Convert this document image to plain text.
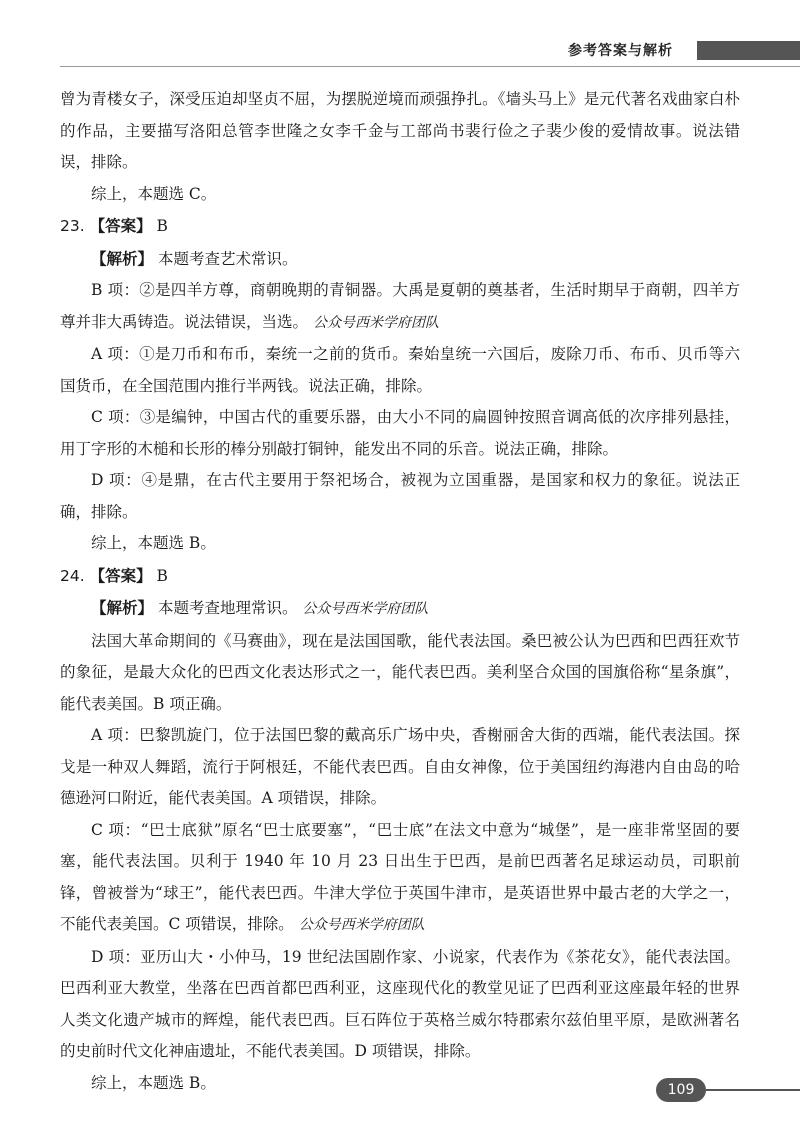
参考答案与解析

曾为青楼女子，深受压迫却坚贞不屈，为摆脱逆境而顽强挣扎。《墙头马上》是元代著名戏曲家白朴的作品，主要描写洛阳总管李世隆之女李千金与工部尚书裴行俭之子裴少俊的爱情故事。说法错误，排除。

综上，本题选 C。

23. 【答案】 B

【解析】 本题考查艺术常识。

B 项：②是四羊方尊，商朝晚期的青铜器。大禹是夏朝的奠基者，生活时期早于商朝，四羊方尊并非大禹铸造。说法错误，当选。 公众号西米学府团队

A 项：①是刀币和布币，秦统一之前的货币。秦始皇统一六国后，废除刀币、布币、贝币等六国货币，在全国范围内推行半两钱。说法正确，排除。

C 项：③是编钟，中国古代的重要乐器，由大小不同的扁圆钟按照音调高低的次序排列悬挂，用丁字形的木槌和长形的棒分别敲打铜钟，能发出不同的乐音。说法正确，排除。

D 项：④是鼎，在古代主要用于祭祀场合，被视为立国重器，是国家和权力的象征。说法正确，排除。

综上，本题选 B。

24. 【答案】 B

【解析】 本题考查地理常识。 公众号西米学府团队

法国大革命期间的《马赛曲》，现在是法国国歌，能代表法国。桑巴被公认为巴西和巴西狂欢节的象征，是最大众化的巴西文化表达形式之一，能代表巴西。美利坚合众国的国旗俗称“星条旗”，能代表美国。B 项正确。

A 项：巴黎凯旋门，位于法国巴黎的戴高乐广场中央，香榭丽舍大街的西端，能代表法国。探戈是一种双人舞蹈，流行于阿根廷，不能代表巴西。自由女神像，位于美国纽约海港内自由岛的哈德逊河口附近，能代表美国。A 项错误，排除。

C 项：“巴士底狱”原名“巴士底要塞”，“巴士底”在法文中意为“城堡”，是一座非常坚固的要塞，能代表法国。贝利于 1940 年 10 月 23 日出生于巴西，是前巴西著名足球运动员，司职前锋，曾被誉为“球王”，能代表巴西。牛津大学位于英国牛津市，是英语世界中最古老的大学之一，不能代表美国。C 项错误，排除。 公众号西米学府团队

D 项：亚历山大・小仲马，19 世纪法国剧作家、小说家，代表作为《茶花女》，能代表法国。巴西利亚大教堂，坐落在巴西首都巴西利亚，这座现代化的教堂见证了巴西利亚这座最年轻的世界人类文化遗产城市的辉煌，能代表巴西。巨石阵位于英格兰威尔特郡索尔兹伯里平原，是欧洲著名的史前时代文化神庙遗址，不能代表美国。D 项错误，排除。

综上，本题选 B。	109
